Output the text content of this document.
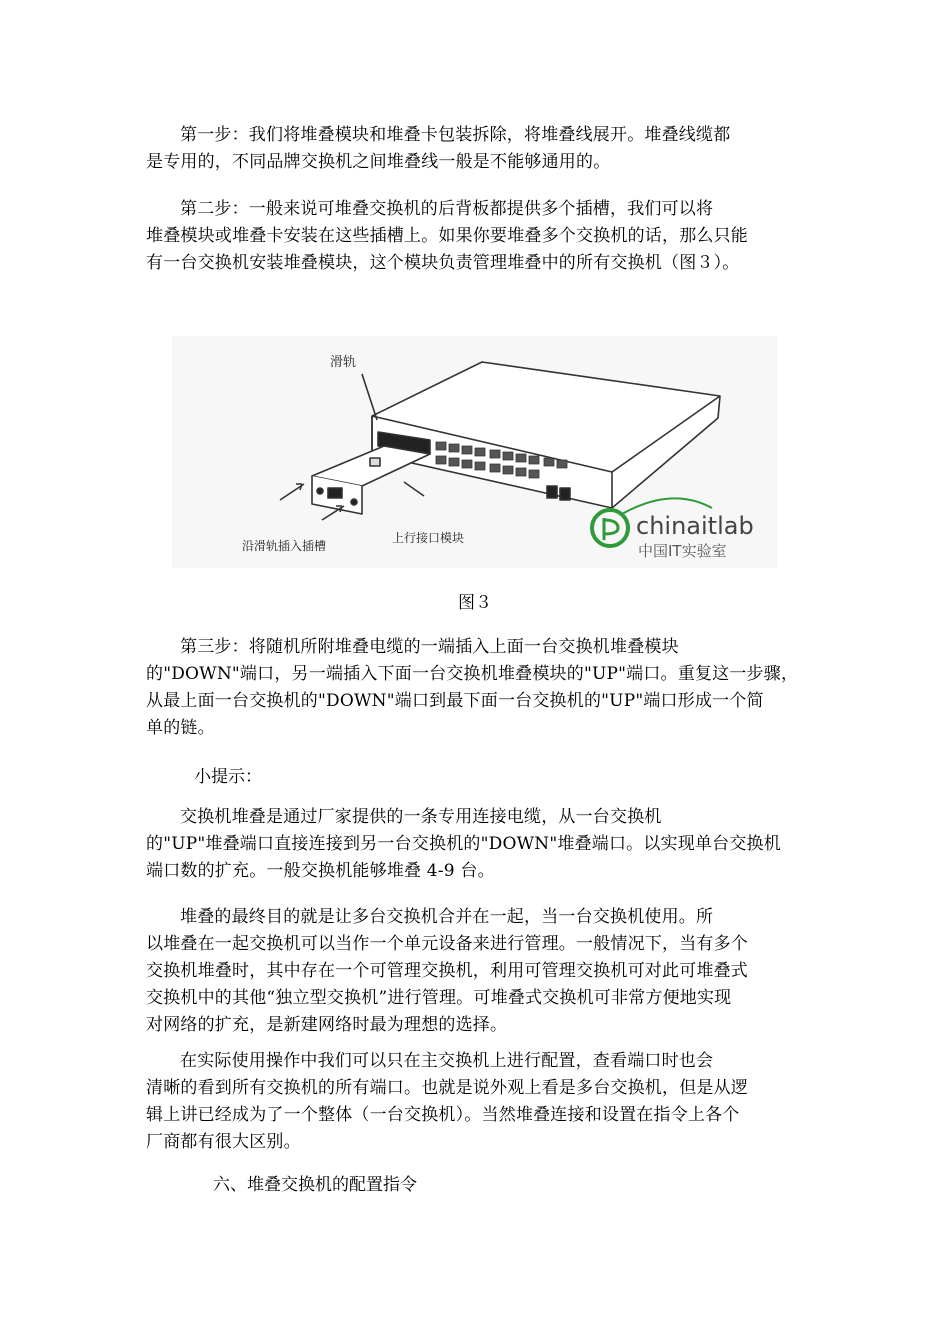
第一步：我们将堆叠模块和堆叠卡包装拆除，将堆叠线展开。堆叠线缆都
是专用的，不同品牌交换机之间堆叠线一般是不能够通用的。

第二步：一般来说可堆叠交换机的后背板都提供多个插槽，我们可以将
堆叠模块或堆叠卡安装在这些插槽上。如果你要堆叠多个交换机的话，那么只能
有一台交换机安装堆叠模块，这个模块负责管理堆叠中的所有交换机（图３）。

滑轨
沿滑轨插入插槽
上行接口模块	chinaitlab
中国IT实验室
图３

第三步：将随机所附堆叠电缆的一端插入上面一台交换机堆叠模块
的"DOWN"端口，另一端插入下面一台交换机堆叠模块的"UP"端口。重复这一步骤，
从最上面一台交换机的"DOWN"端口到最下面一台交换机的"UP"端口形成一个简
单的链。

小提示：

交换机堆叠是通过厂家提供的一条专用连接电缆，从一台交换机
的"UP"堆叠端口直接连接到另一台交换机的"DOWN"堆叠端口。以实现单台交换机
端口数的扩充。一般交换机能够堆叠 4-9 台。

堆叠的最终目的就是让多台交换机合并在一起，当一台交换机使用。所
以堆叠在一起交换机可以当作一个单元设备来进行管理。一般情况下，当有多个
交换机堆叠时，其中存在一个可管理交换机，利用可管理交换机可对此可堆叠式
交换机中的其他“独立型交换机”进行管理。可堆叠式交换机可非常方便地实现
对网络的扩充，是新建网络时最为理想的选择。

在实际使用操作中我们可以只在主交换机上进行配置，查看端口时也会
清晰的看到所有交换机的所有端口。也就是说外观上看是多台交换机，但是从逻
辑上讲已经成为了一个整体（一台交换机）。当然堆叠连接和设置在指令上各个
厂商都有很大区别。

六、堆叠交换机的配置指令
